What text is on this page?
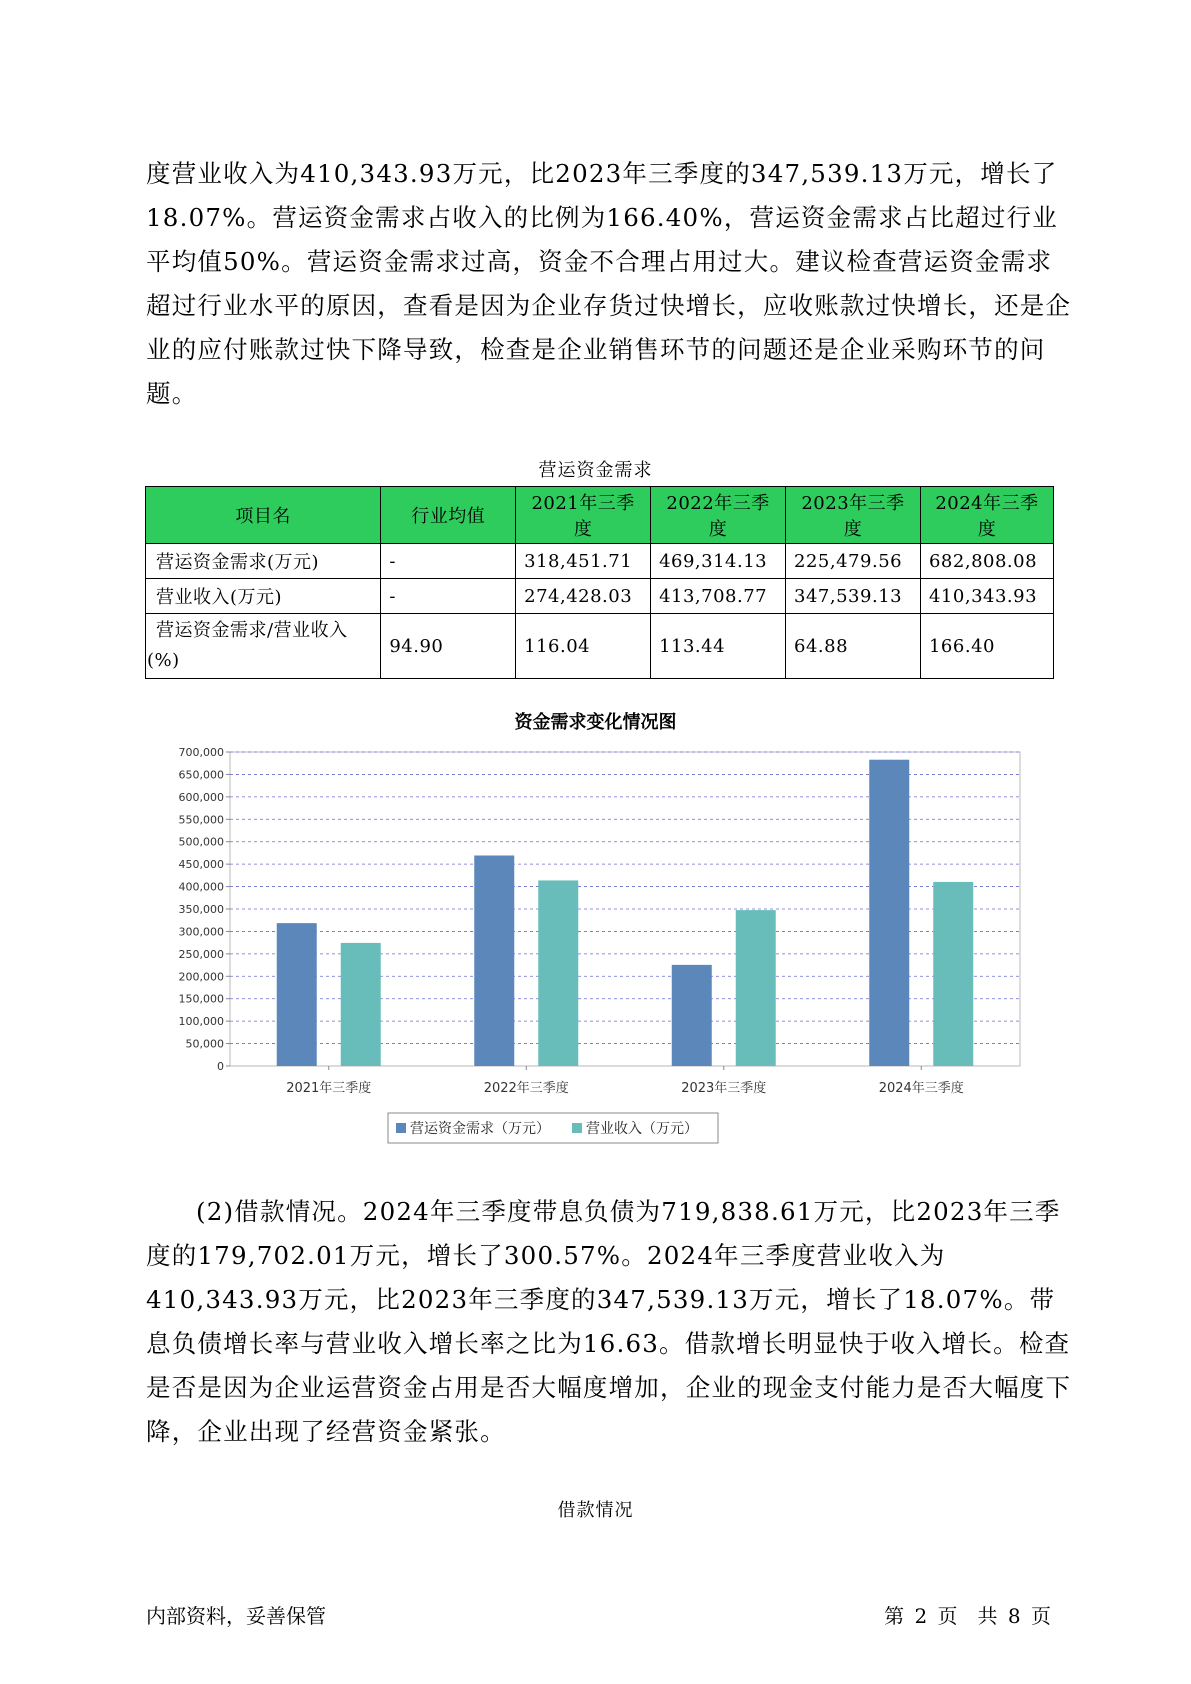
度营业收入为410,343.93万元，比2023年三季度的347,539.13万元，增长了18.07%。营运资金需求占收入的比例为166.40%，营运资金需求占比超过行业平均值50%。营运资金需求过高，资金不合理占用过大。建议检查营运资金需求超过行业水平的原因，查看是因为企业存货过快增长，应收账款过快增长，还是企业的应付账款过快下降导致，检查是企业销售环节的问题还是企业采购环节的问题。

营运资金需求
项目名	行业均值	2021年三季度	2022年三季度	2023年三季度	2024年三季度
营运资金需求(万元)	-	318,451.71	469,314.13	225,479.56	682,808.08
营业收入(万元)	-	274,428.03	413,708.77	347,539.13	410,343.93
营运资金需求/营业收入(%)	94.90	116.04	113.44	64.88	166.40
资金需求变化情况图
0
50,000
100,000
150,000
200,000
250,000
300,000
350,000
400,000
450,000
500,000
550,000
600,000
650,000
700,000
2021年三季度	2022年三季度	2023年三季度	2024年三季度
营运资金需求（万元）	营业收入（万元）

(2)借款情况。2024年三季度带息负债为719,838.61万元，比2023年三季度的179,702.01万元，增长了300.57%。2024年三季度营业收入为410,343.93万元，比2023年三季度的347,539.13万元，增长了18.07%。带息负债增长率与营业收入增长率之比为16.63。借款增长明显快于收入增长。检查是否是因为企业运营资金占用是否大幅度增加，企业的现金支付能力是否大幅度下降，企业出现了经营资金紧张。

借款情况
内部资料，妥善保管	第 2 页　共 8 页
